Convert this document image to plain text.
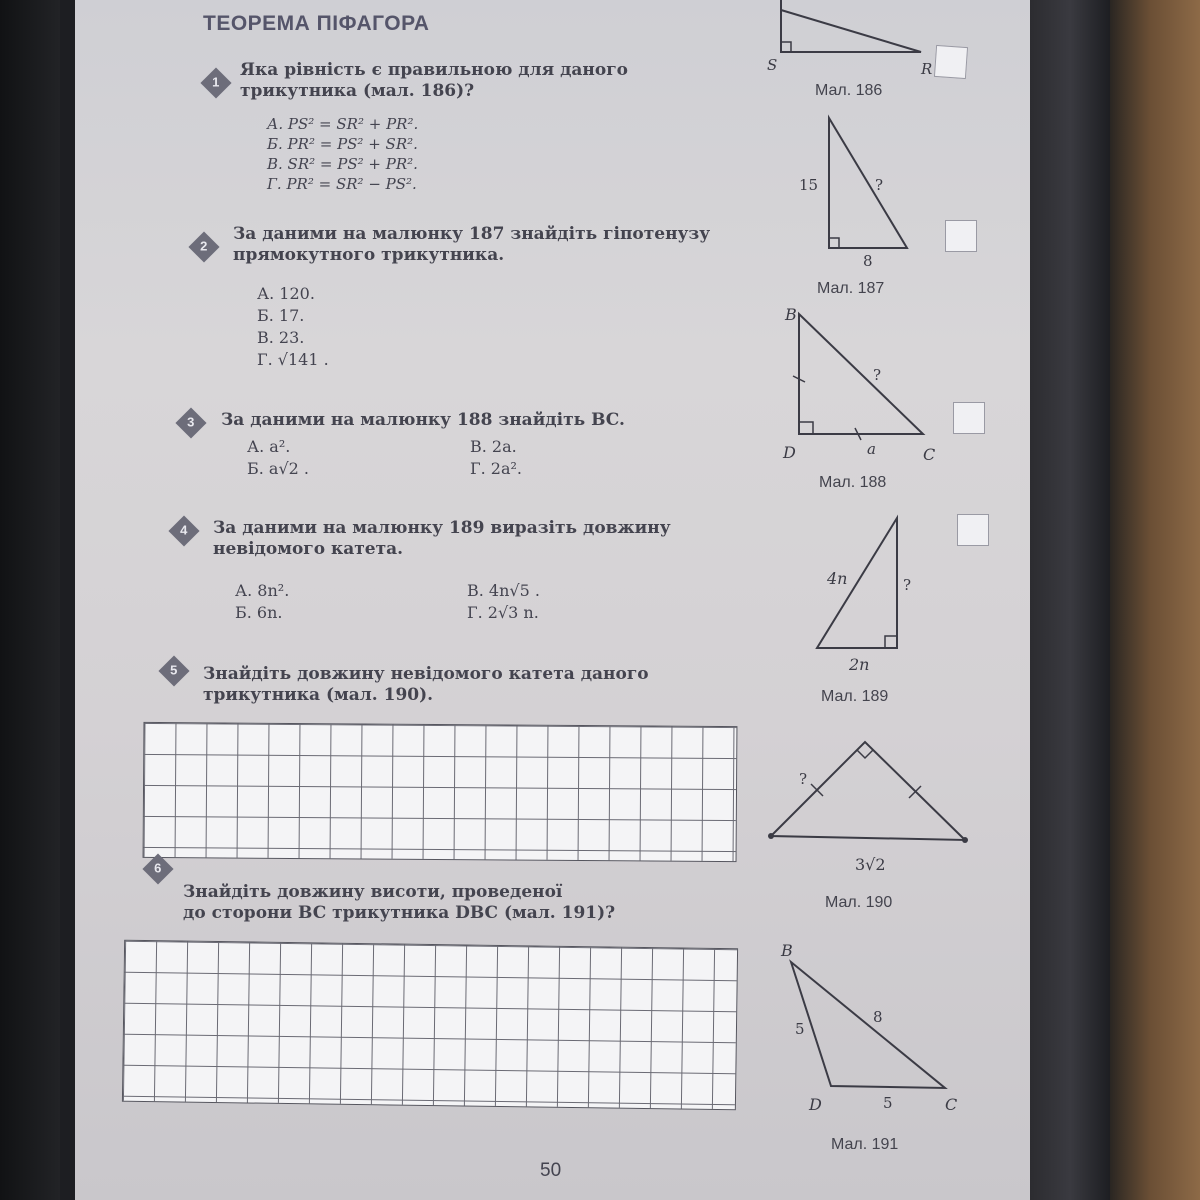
ТЕОРЕМА ПІФАГОРА
1
Яка рівність є правильною для даного
трикутника (мал. 186)?
А. PS² = SR² + PR².
Б. PR² = PS² + SR².
В. SR² = PS² + PR².
Г. PR² = SR² − PS².
2
За даними на малюнку 187 знайдіть гіпотенузу
прямокутного трикутника.
А. 120.
Б. 17.
В. 23.
Г. √141 .
3	За даними на малюнку 188 знайдіть BC.
А. a².
Б. a√2 .
В. 2a.
Г. 2a².
4	За даними на малюнку 189 виразіть довжину
невідомого катета.
А. 8n².
Б. 6n.
В. 4n√5 .
Г. 2√3 n.
5	Знайдіть довжину невідомого катета даного
трикутника (мал. 190).
6
Знайдіть довжину висоти, проведеної
до сторони BC трикутника DBC (мал. 191)?
S	R
Мал. 186
15	?
8
Мал. 187
B
D	C
a
?
Мал. 188
4n	?
2n
Мал. 189
?
3√2
Мал. 190
B
D	C
5
8
5
Мал. 191
50
